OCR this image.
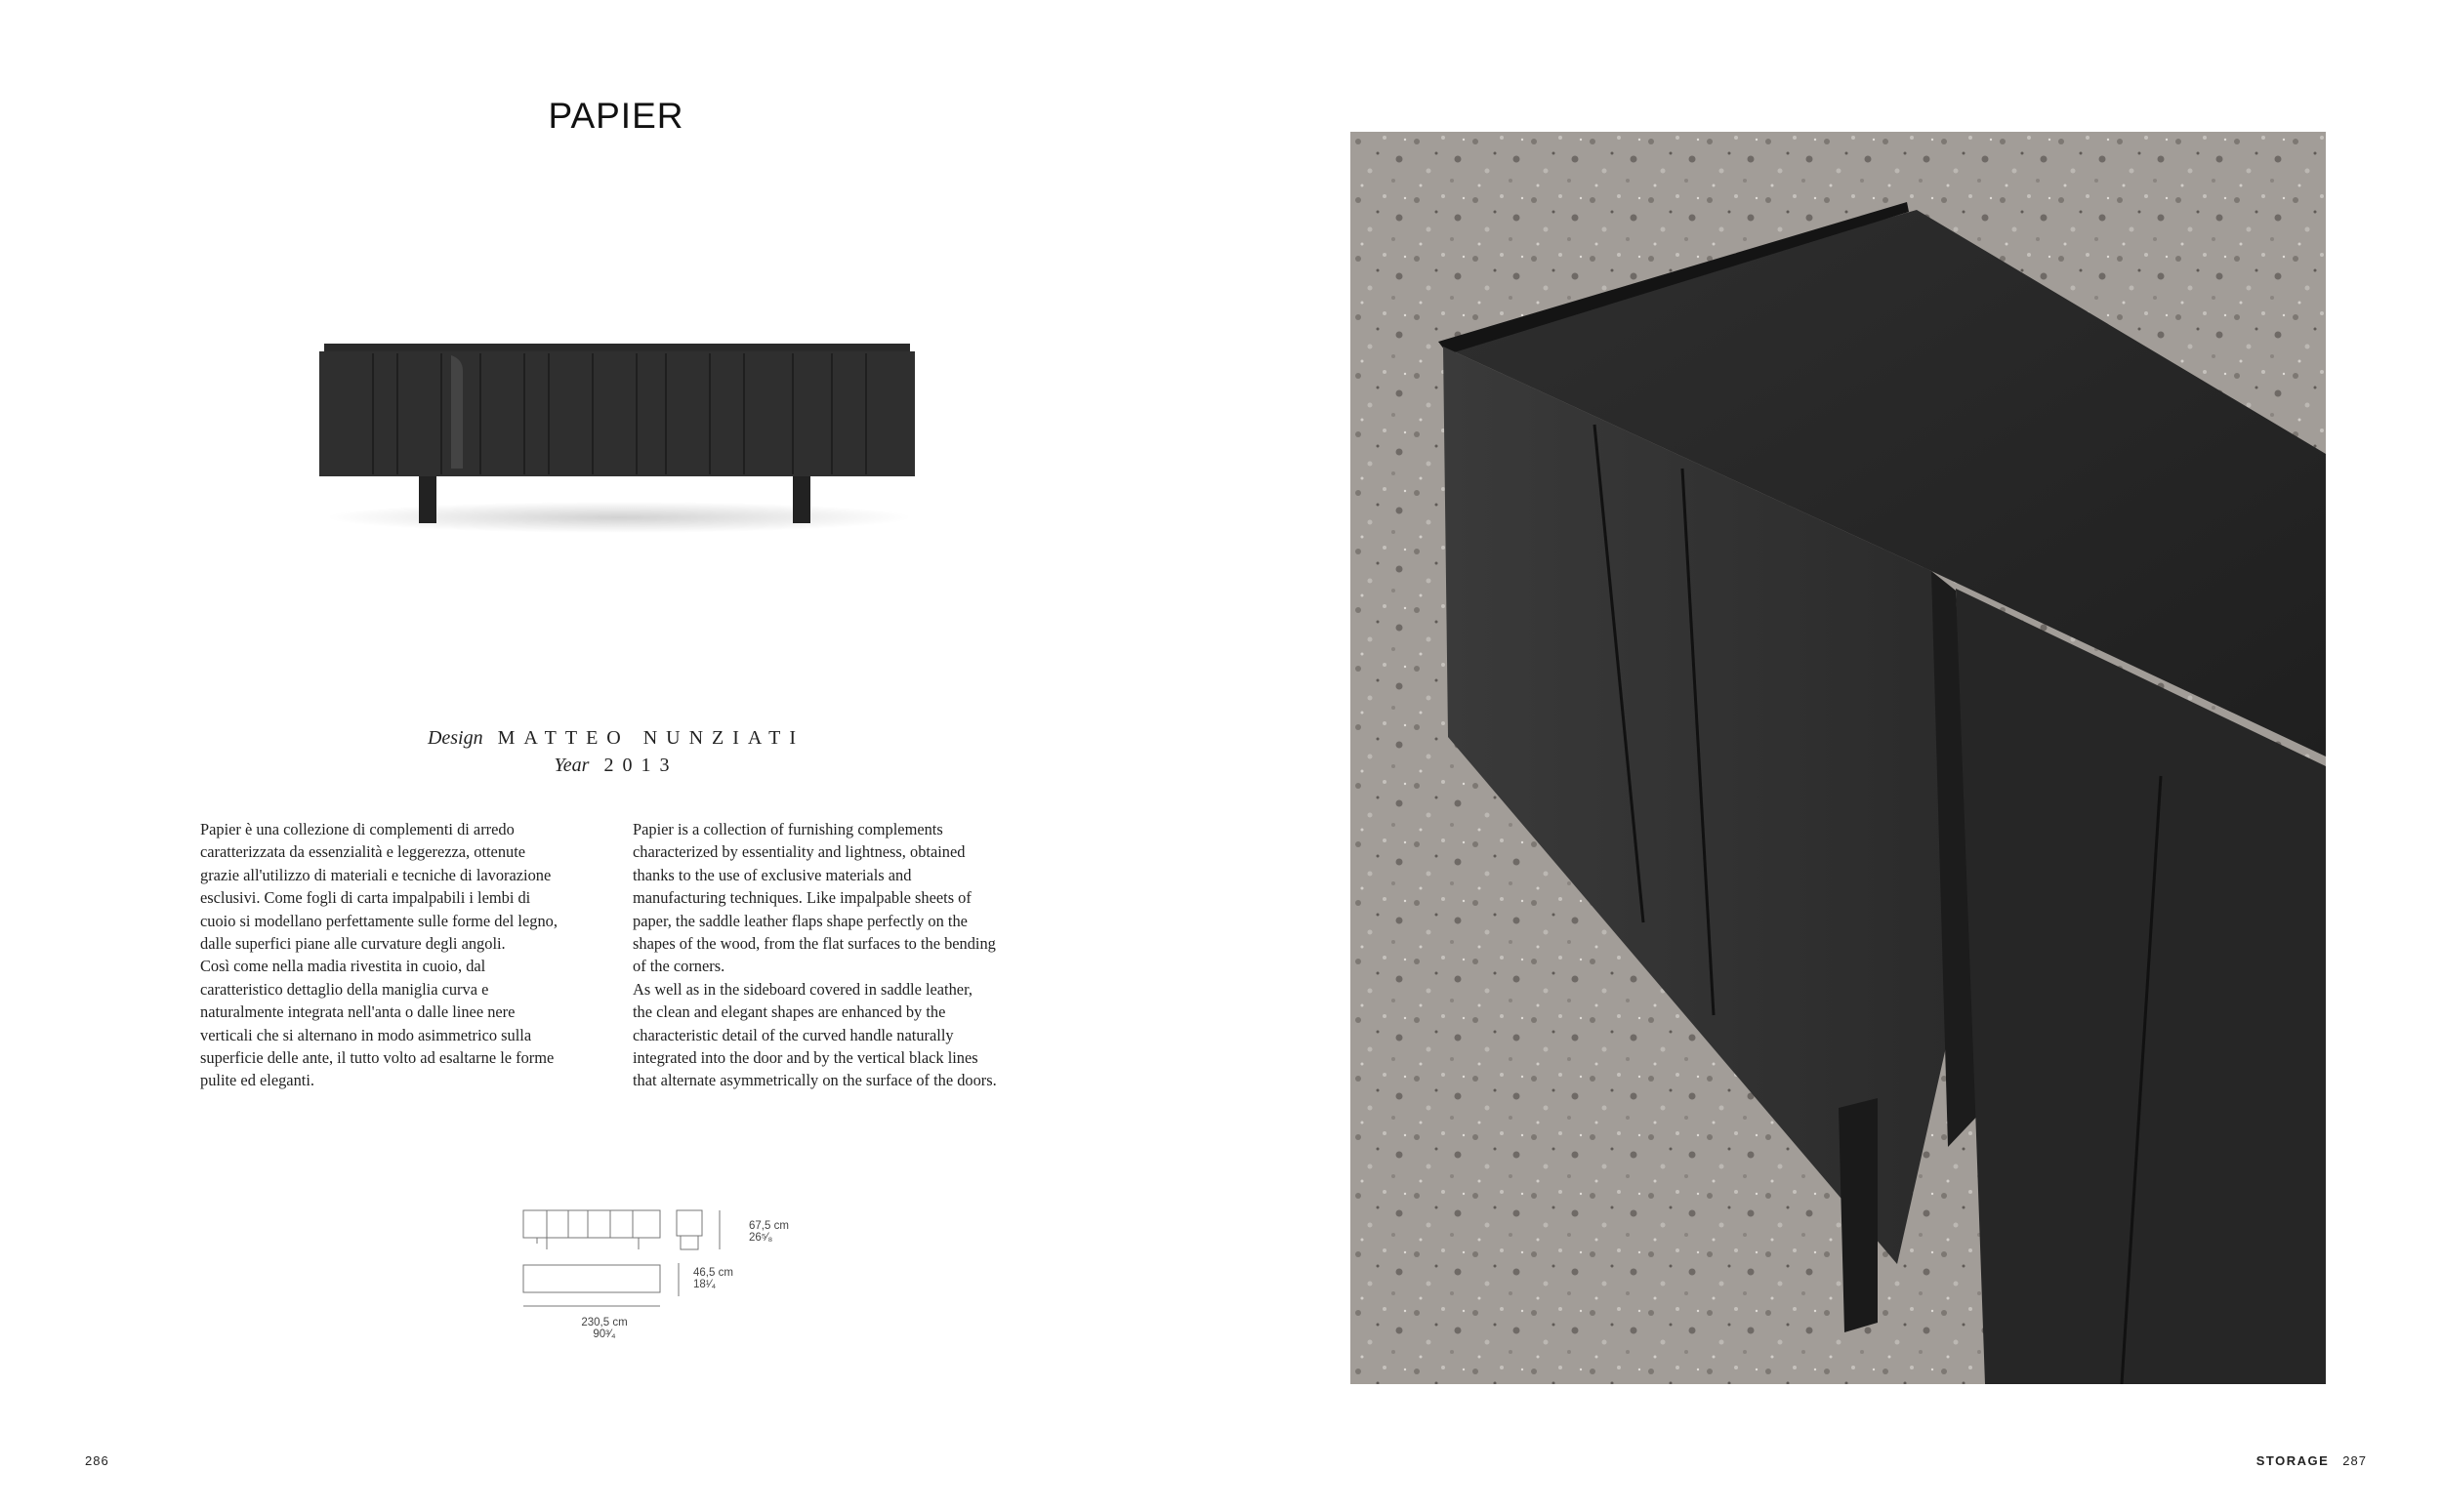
PAPIER
Design MATTEO NUNZIATI
Year 2013

Papier è una collezione di complementi di arredo
caratterizzata da essenzialità e leggerezza, ottenute
grazie all'utilizzo di materiali e tecniche di lavorazione
esclusivi. Come fogli di carta impalpabili i lembi di
cuoio si modellano perfettamente sulle forme del legno,
dalle superfici piane alle curvature degli angoli.
Così come nella madia rivestita in cuoio, dal
caratteristico dettaglio della maniglia curva e
naturalmente integrata nell'anta o dalle linee nere
verticali che si alternano in modo asimmetrico sulla
superficie delle ante, il tutto volto ad esaltarne le forme
pulite ed eleganti.

Papier is a collection of furnishing complements
characterized by essentiality and lightness, obtained
thanks to the use of exclusive materials and
manufacturing techniques. Like impalpable sheets of
paper, the saddle leather flaps shape perfectly on the
shapes of the wood, from the flat surfaces to the bending
of the corners.
As well as in the sideboard covered in saddle leather,
the clean and elegant shapes are enhanced by the
characteristic detail of the curved handle naturally
integrated into the door and by the vertical black lines
that alternate asymmetrically on the surface of the doors.

67,5 cm
26⁵⁄₈
46,5 cm
18¹⁄₄
230,5 cm
90³⁄₄
286	STORAGE 287
